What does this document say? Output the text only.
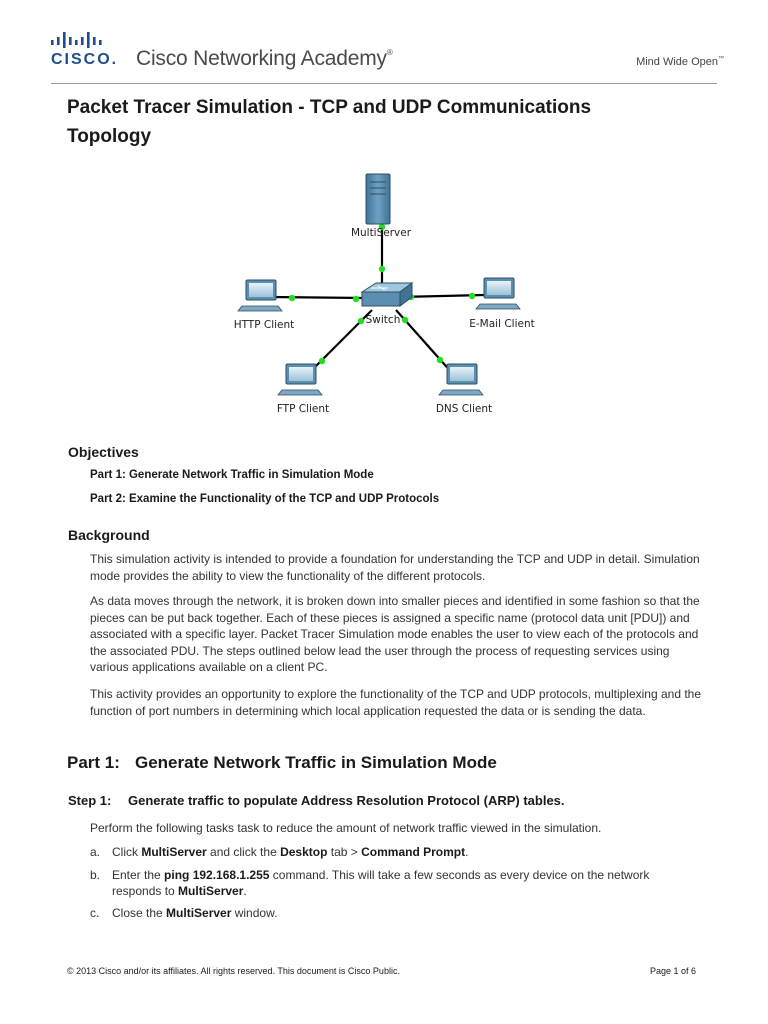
CISCO. Cisco Networking Academy®
Mind Wide Open™
Packet Tracer Simulation - TCP and UDP Communications
Topology
MultiServer
Switch
HTTP Client	E-Mail Client
FTP Client	DNS Client
Objectives
Part 1: Generate Network Traffic in Simulation Mode
Part 2: Examine the Functionality of the TCP and UDP Protocols
Background
This simulation activity is intended to provide a foundation for understanding the TCP and UDP in detail. Simulation mode provides the ability to view the functionality of the different protocols.
As data moves through the network, it is broken down into smaller pieces and identified in some fashion so that the pieces can be put back together. Each of these pieces is assigned a specific name (protocol data unit [PDU]) and associated with a specific layer. Packet Tracer Simulation mode enables the user to view each of the protocols and the associated PDU. The steps outlined below lead the user through the process of requesting services using various applications available on a client PC.
This activity provides an opportunity to explore the functionality of the TCP and UDP protocols, multiplexing and the function of port numbers in determining which local application requested the data or is sending the data.
Part 1: Generate Network Traffic in Simulation Mode
Step 1: Generate traffic to populate Address Resolution Protocol (ARP) tables.
Perform the following tasks task to reduce the amount of network traffic viewed in the simulation.
a. Click MultiServer and click the Desktop tab > Command Prompt.
b. Enter the ping 192.168.1.255 command. This will take a few seconds as every device on the network responds to MultiServer.
c. Close the MultiServer window.
© 2013 Cisco and/or its affiliates. All rights reserved. This document is Cisco Public.	Page 1 of 6
